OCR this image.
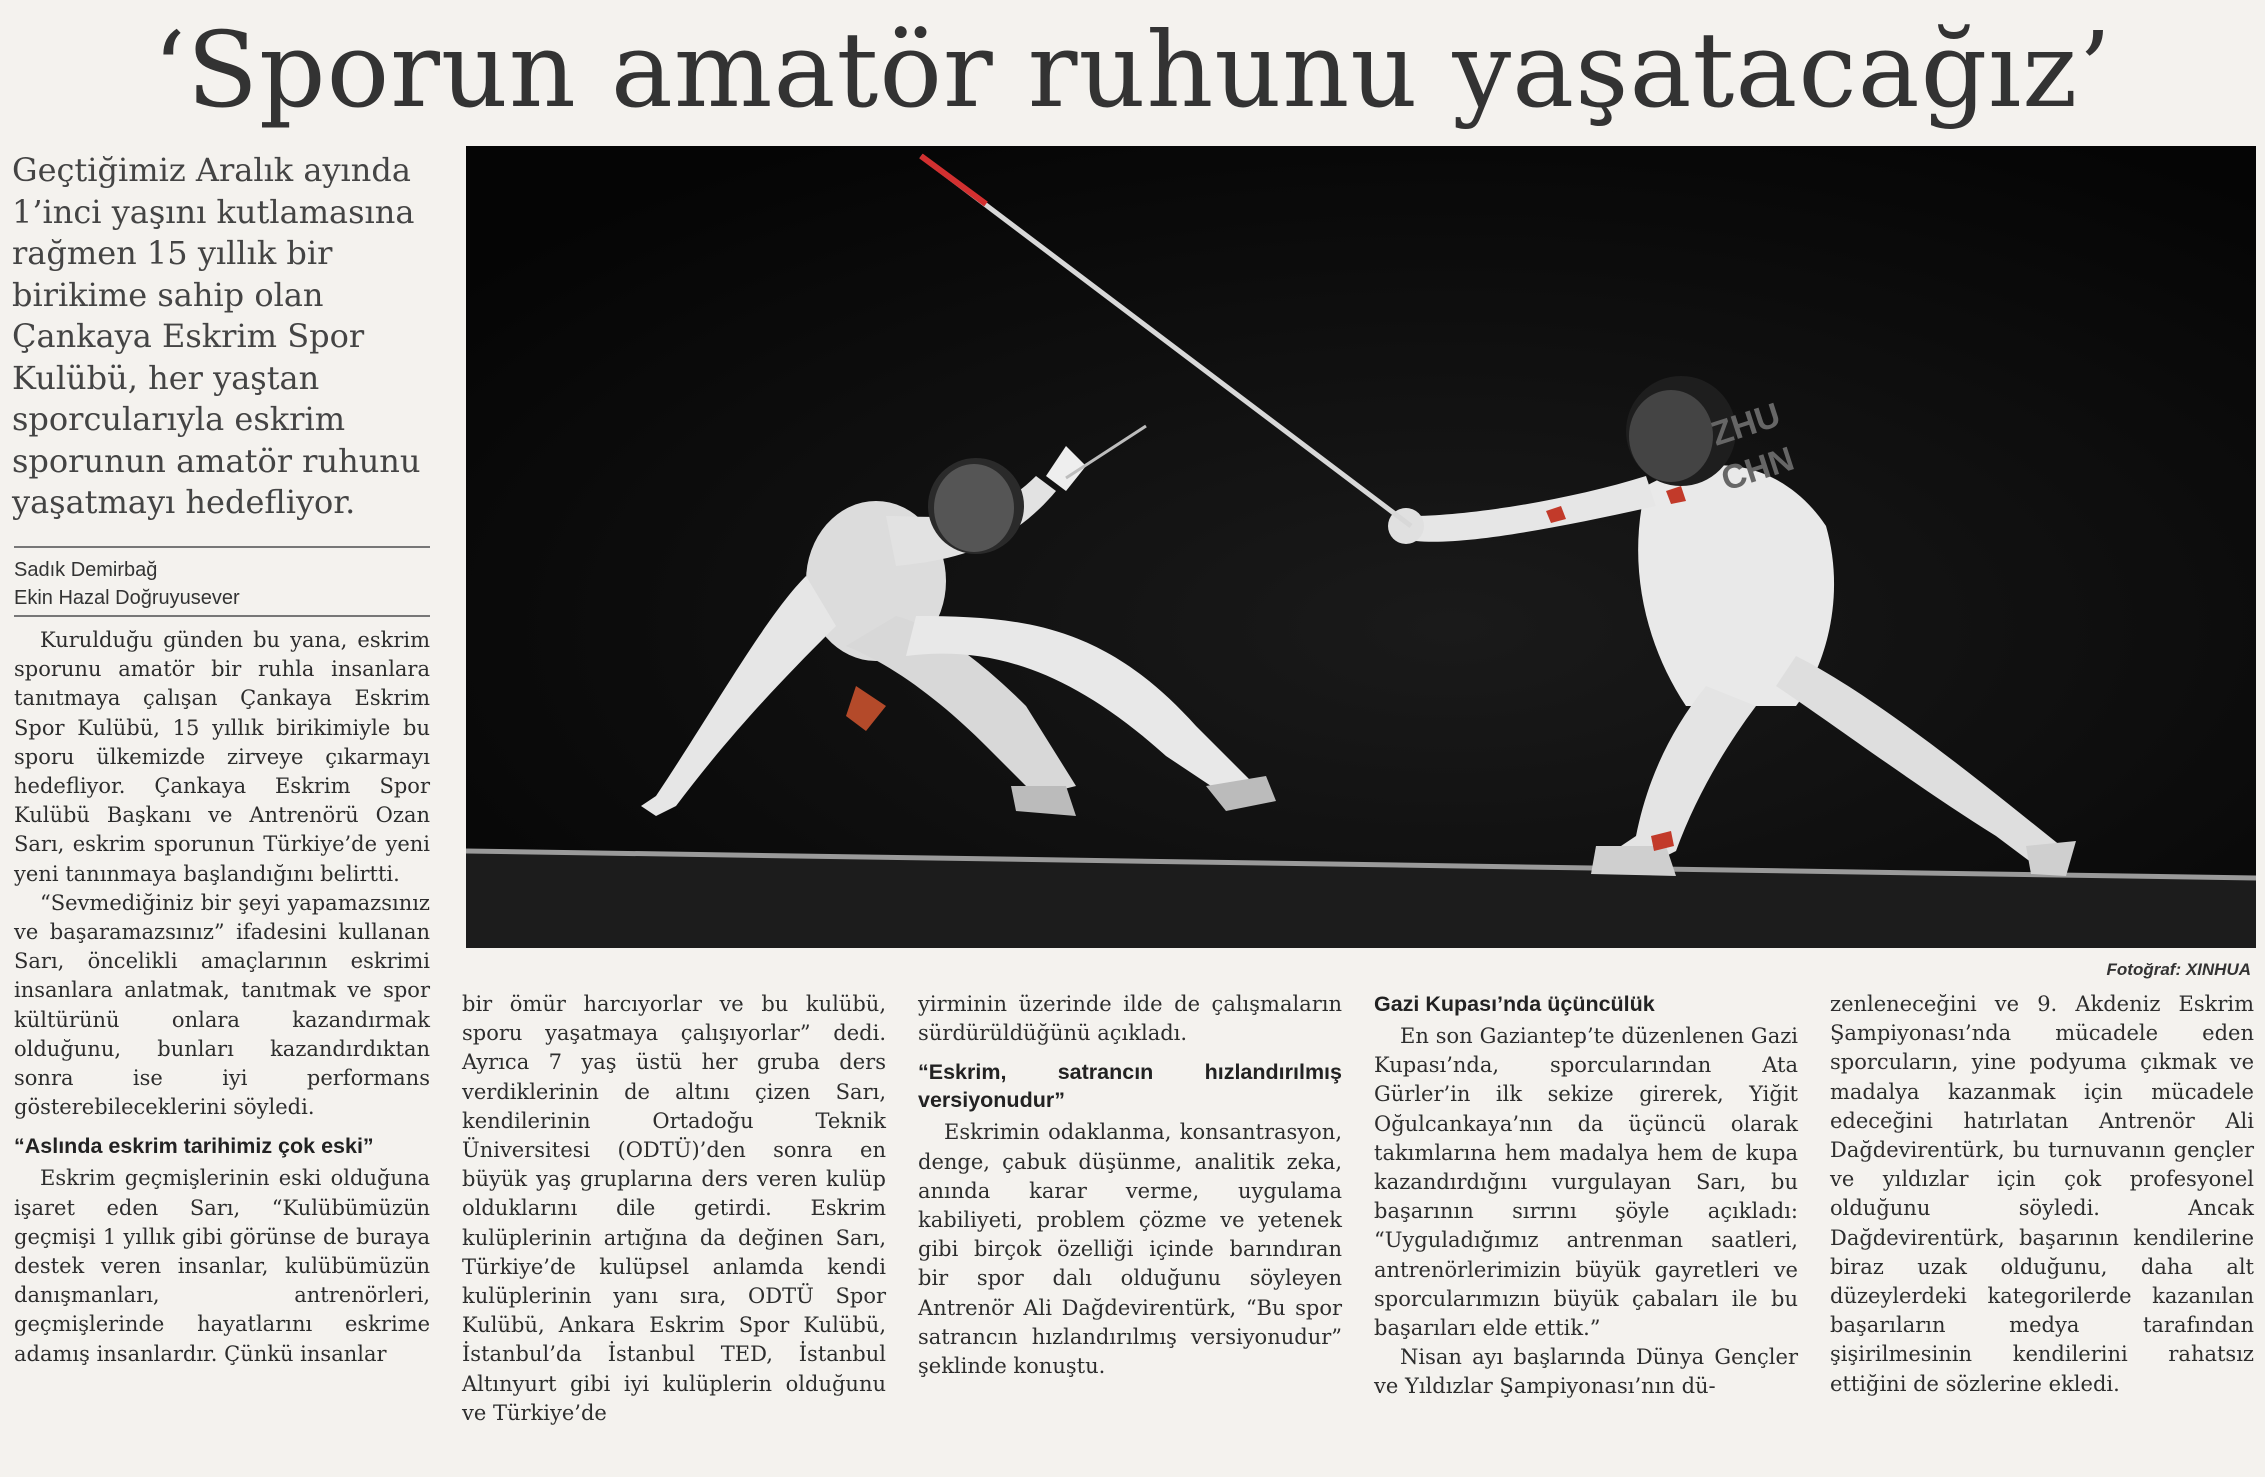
‘Sporun amatör ruhunu yaşatacağız’
Geçtiğimiz Aralık ayında 1’inci yaşını kutlamasına rağmen 15 yıllık bir birikime sahip olan Çankaya Eskrim Spor Kulübü, her yaştan sporcularıyla eskrim sporunun amatör ruhunu yaşatmayı hedefliyor.
Sadık Demirbağ
Ekin Hazal Doğruyusever
ZHU
CHN
Fotoğraf: XINHUA

Kurulduğu günden bu yana, eskrim sporunu amatör bir ruhla insanlara tanıtmaya çalışan Çankaya Eskrim Spor Kulübü, 15 yıllık birikimiyle bu sporu ülkemizde zirveye çıkarmayı hedefliyor. Çankaya Eskrim Spor Kulübü Başkanı ve Antrenörü Ozan Sarı, eskrim sporunun Türkiye’de yeni yeni tanınmaya başlandığını belirtti.

“Sevmediğiniz bir şeyi yapamazsınız ve başaramazsınız” ifadesini kullanan Sarı, öncelikli amaçlarının eskrimi insanlara anlatmak, tanıtmak ve spor kültürünü onlara kazandırmak olduğunu, bunları kazandırdıktan sonra ise iyi performans gösterebileceklerini söyledi.

“Aslında eskrim tarihimiz çok eski”

Eskrim geçmişlerinin eski olduğuna işaret eden Sarı, “Kulübümüzün geçmişi 1 yıllık gibi görünse de buraya destek veren insanlar, kulübümüzün danışmanları, antrenörleri, geçmişlerinde hayatlarını eskrime adamış insanlardır. Çünkü insanlar

bir ömür harcıyorlar ve bu kulübü, sporu yaşatmaya çalışıyorlar” dedi. Ayrıca 7 yaş üstü her gruba ders verdiklerinin de altını çizen Sarı, kendilerinin Ortadoğu Teknik Üniversitesi (ODTÜ)’den sonra en büyük yaş gruplarına ders veren kulüp olduklarını dile getirdi. Eskrim kulüplerinin artığına da değinen Sarı, Türkiye’de kulüpsel anlamda kendi kulüplerinin yanı sıra, ODTÜ Spor Kulübü, Ankara Eskrim Spor Kulübü, İstanbul’da İstanbul TED, İstanbul Altınyurt gibi iyi kulüplerin olduğunu ve Türkiye’de

yirminin üzerinde ilde de çalışmaların sürdürüldüğünü açıkladı.

“Eskrim, satrancın hızlandırılmış versiyonudur”

Eskrimin odaklanma, konsantrasyon, denge, çabuk düşünme, analitik zeka, anında karar verme, uygulama kabiliyeti, problem çözme ve yetenek gibi birçok özelliği içinde barındıran bir spor dalı olduğunu söyleyen Antrenör Ali Dağdevirentürk, “Bu spor satrancın hızlandırılmış versiyonudur” şeklinde konuştu.

Gazi Kupası’nda üçüncülük

En son Gaziantep’te düzenlenen Gazi Kupası’nda, sporcularından Ata Gürler’in ilk sekize girerek, Yiğit Oğulcankaya’nın da üçüncü olarak takımlarına hem madalya hem de kupa kazandırdığını vurgulayan Sarı, bu başarının sırrını şöyle açıkladı: “Uyguladığımız antrenman saatleri, antrenörlerimizin büyük gayretleri ve sporcularımızın büyük çabaları ile bu başarıları elde ettik.”

Nisan ayı başlarında Dünya Gençler ve Yıldızlar Şampiyonası’nın dü-

zenleneceğini ve 9. Akdeniz Eskrim Şampiyonası’nda mücadele eden sporcuların, yine podyuma çıkmak ve madalya kazanmak için mücadele edeceğini hatırlatan Antrenör Ali Dağdevirentürk, bu turnuvanın gençler ve yıldızlar için çok profesyonel olduğunu söyledi. Ancak Dağdevirentürk, başarının kendilerine biraz uzak olduğunu, daha alt düzeylerdeki kategorilerde kazanılan başarıların medya tarafından şişirilmesinin kendilerini rahatsız ettiğini de sözlerine ekledi.
